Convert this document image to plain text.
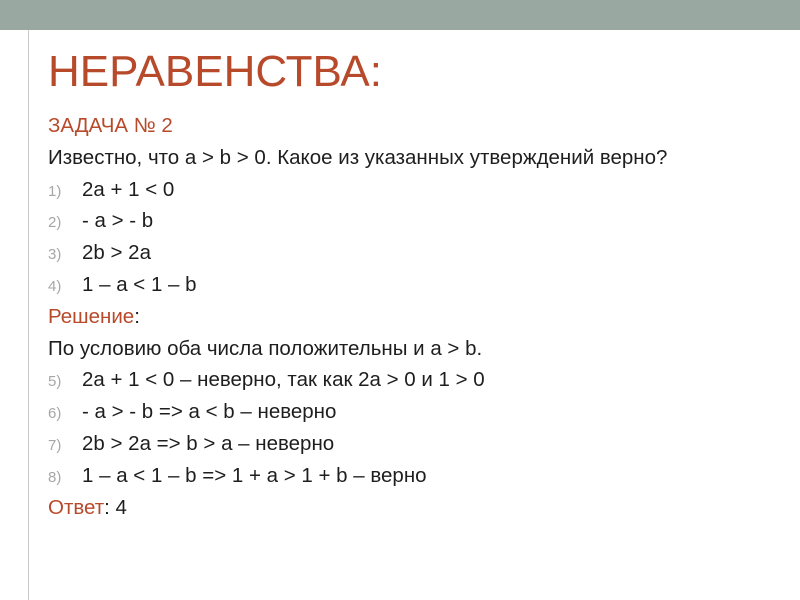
НЕРАВЕНСТВА:
ЗАДАЧА № 2
Известно, что a > b > 0. Какое из указанных утверждений верно?
1) 2a + 1 < 0
2) - a > - b
3) 2b > 2a
4) 1 – a < 1 – b
Решение:
По условию оба числа положительны и a > b.
5) 2a + 1 < 0 – неверно, так как 2a > 0 и 1 > 0
6) - a > - b => a < b – неверно
7) 2b > 2a => b > a – неверно
8) 1 – a < 1 – b => 1 + a > 1 + b – верно
Ответ: 4
